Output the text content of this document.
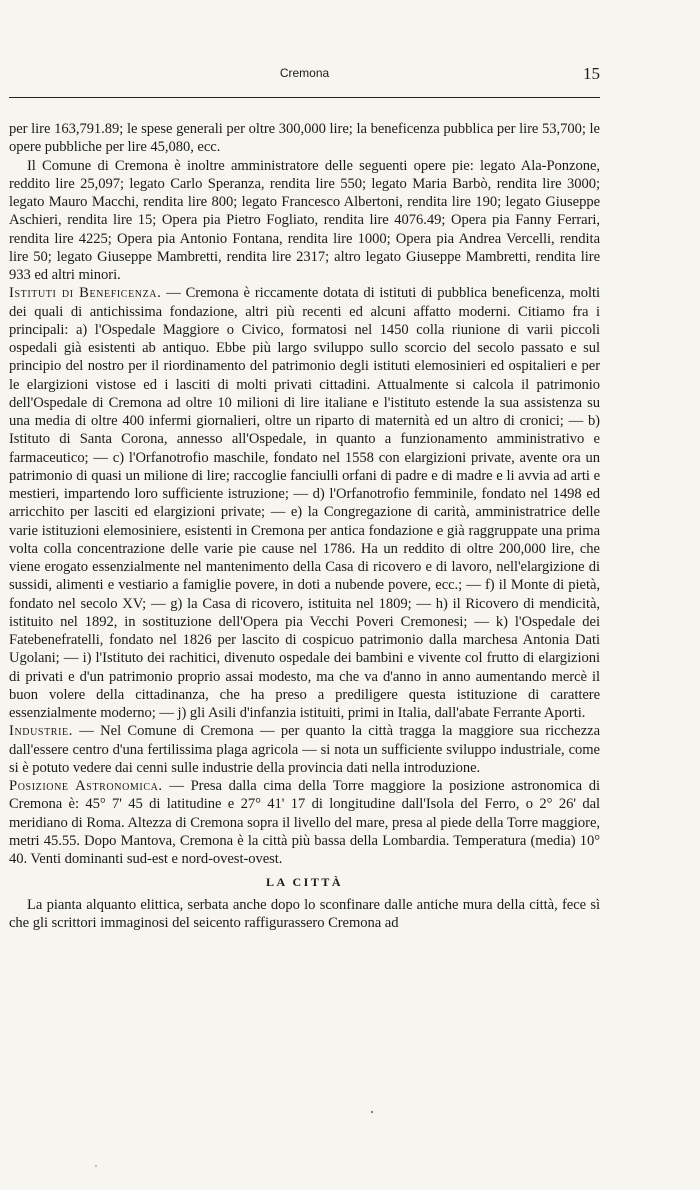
Cremona	15

per lire 163,791.89; le spese generali per oltre 300,000 lire; la beneficenza pubblica per lire 53,700; le opere pubbliche per lire 45,080, ecc.

Il Comune di Cremona è inoltre amministratore delle seguenti opere pie: legato Ala-Ponzone, reddito lire 25,097; legato Carlo Speranza, rendita lire 550; legato Maria Barbò, rendita lire 3000; legato Mauro Macchi, rendita lire 800; legato Francesco Albertoni, rendita lire 190; legato Giuseppe Aschieri, rendita lire 15; Opera pia Pietro Fogliato, rendita lire 4076.49; Opera pia Fanny Ferrari, rendita lire 4225; Opera pia Antonio Fontana, rendita lire 1000; Opera pia Andrea Vercelli, rendita lire 50; legato Giuseppe Mambretti, rendita lire 2317; altro legato Giuseppe Mambretti, rendita lire 933 ed altri minori.

Istituti di Beneficenza. — Cremona è riccamente dotata di istituti di pubblica beneficenza, molti dei quali di antichissima fondazione, altri più recenti ed alcuni affatto moderni. Citiamo fra i principali: a) l'Ospedale Maggiore o Civico, formatosi nel 1450 colla riunione di varii piccoli ospedali già esistenti ab antiquo. Ebbe più largo sviluppo sullo scorcio del secolo passato e sul principio del nostro per il riordinamento del patrimonio degli istituti elemosinieri ed ospitalieri e per le elargizioni vistose ed i lasciti di molti privati cittadini. Attualmente si calcola il patrimonio dell'Ospedale di Cremona ad oltre 10 milioni di lire italiane e l'istituto estende la sua assistenza su una media di oltre 400 infermi giornalieri, oltre un riparto di maternità ed un altro di cronici; — b) Istituto di Santa Corona, annesso all'Ospedale, in quanto a funzionamento amministrativo e farmaceutico; — c) l'Orfanotrofio maschile, fondato nel 1558 con elargizioni private, avente ora un patrimonio di quasi un milione di lire; raccoglie fanciulli orfani di padre e di madre e li avvia ad arti e mestieri, impartendo loro sufficiente istruzione; — d) l'Orfanotrofio femminile, fondato nel 1498 ed arricchito per lasciti ed elargizioni private; — e) la Congregazione di carità, amministratrice delle varie istituzioni elemosiniere, esistenti in Cremona per antica fondazione e già raggruppate una prima volta colla concentrazione delle varie pie cause nel 1786. Ha un reddito di oltre 200,000 lire, che viene erogato essenzialmente nel mantenimento della Casa di ricovero e di lavoro, nell'elargizione di sussidi, alimenti e vestiario a famiglie povere, in doti a nubende povere, ecc.; — f) il Monte di pietà, fondato nel secolo XV; — g) la Casa di ricovero, istituita nel 1809; — h) il Ricovero di mendicità, istituito nel 1892, in sostituzione dell'Opera pia Vecchi Poveri Cremonesi; — k) l'Ospedale dei Fatebenefratelli, fondato nel 1826 per lascito di cospicuo patrimonio dalla marchesa Antonia Dati Ugolani; — i) l'Istituto dei rachitici, divenuto ospedale dei bambini e vivente col frutto di elargizioni di privati e d'un patrimonio proprio assai modesto, ma che va d'anno in anno aumentando mercè il buon volere della cittadinanza, che ha preso a prediligere questa istituzione di carattere essenzialmente moderno; — j) gli Asili d'infanzia istituiti, primi in Italia, dall'abate Ferrante Aporti.

Industrie. — Nel Comune di Cremona — per quanto la città tragga la maggiore sua ricchezza dall'essere centro d'una fertilissima plaga agricola — si nota un sufficiente sviluppo industriale, come si è potuto vedere dai cenni sulle industrie della provincia dati nella introduzione.

Posizione Astronomica. — Presa dalla cima della Torre maggiore la posizione astronomica di Cremona è: 45° 7' 45 di latitudine e 27° 41' 17 di longitudine dall'Isola del Ferro, o 2° 26' dal meridiano di Roma. Altezza di Cremona sopra il livello del mare, presa al piede della Torre maggiore, metri 45.55. Dopo Mantova, Cremona è la città più bassa della Lombardia. Temperatura (media) 10° 40. Venti dominanti sud-est e nord-ovest-ovest.

LA CITTÀ

La pianta alquanto elittica, serbata anche dopo lo sconfinare dalle antiche mura della città, fece sì che gli scrittori immaginosi del seicento raffigurassero Cremona ad
